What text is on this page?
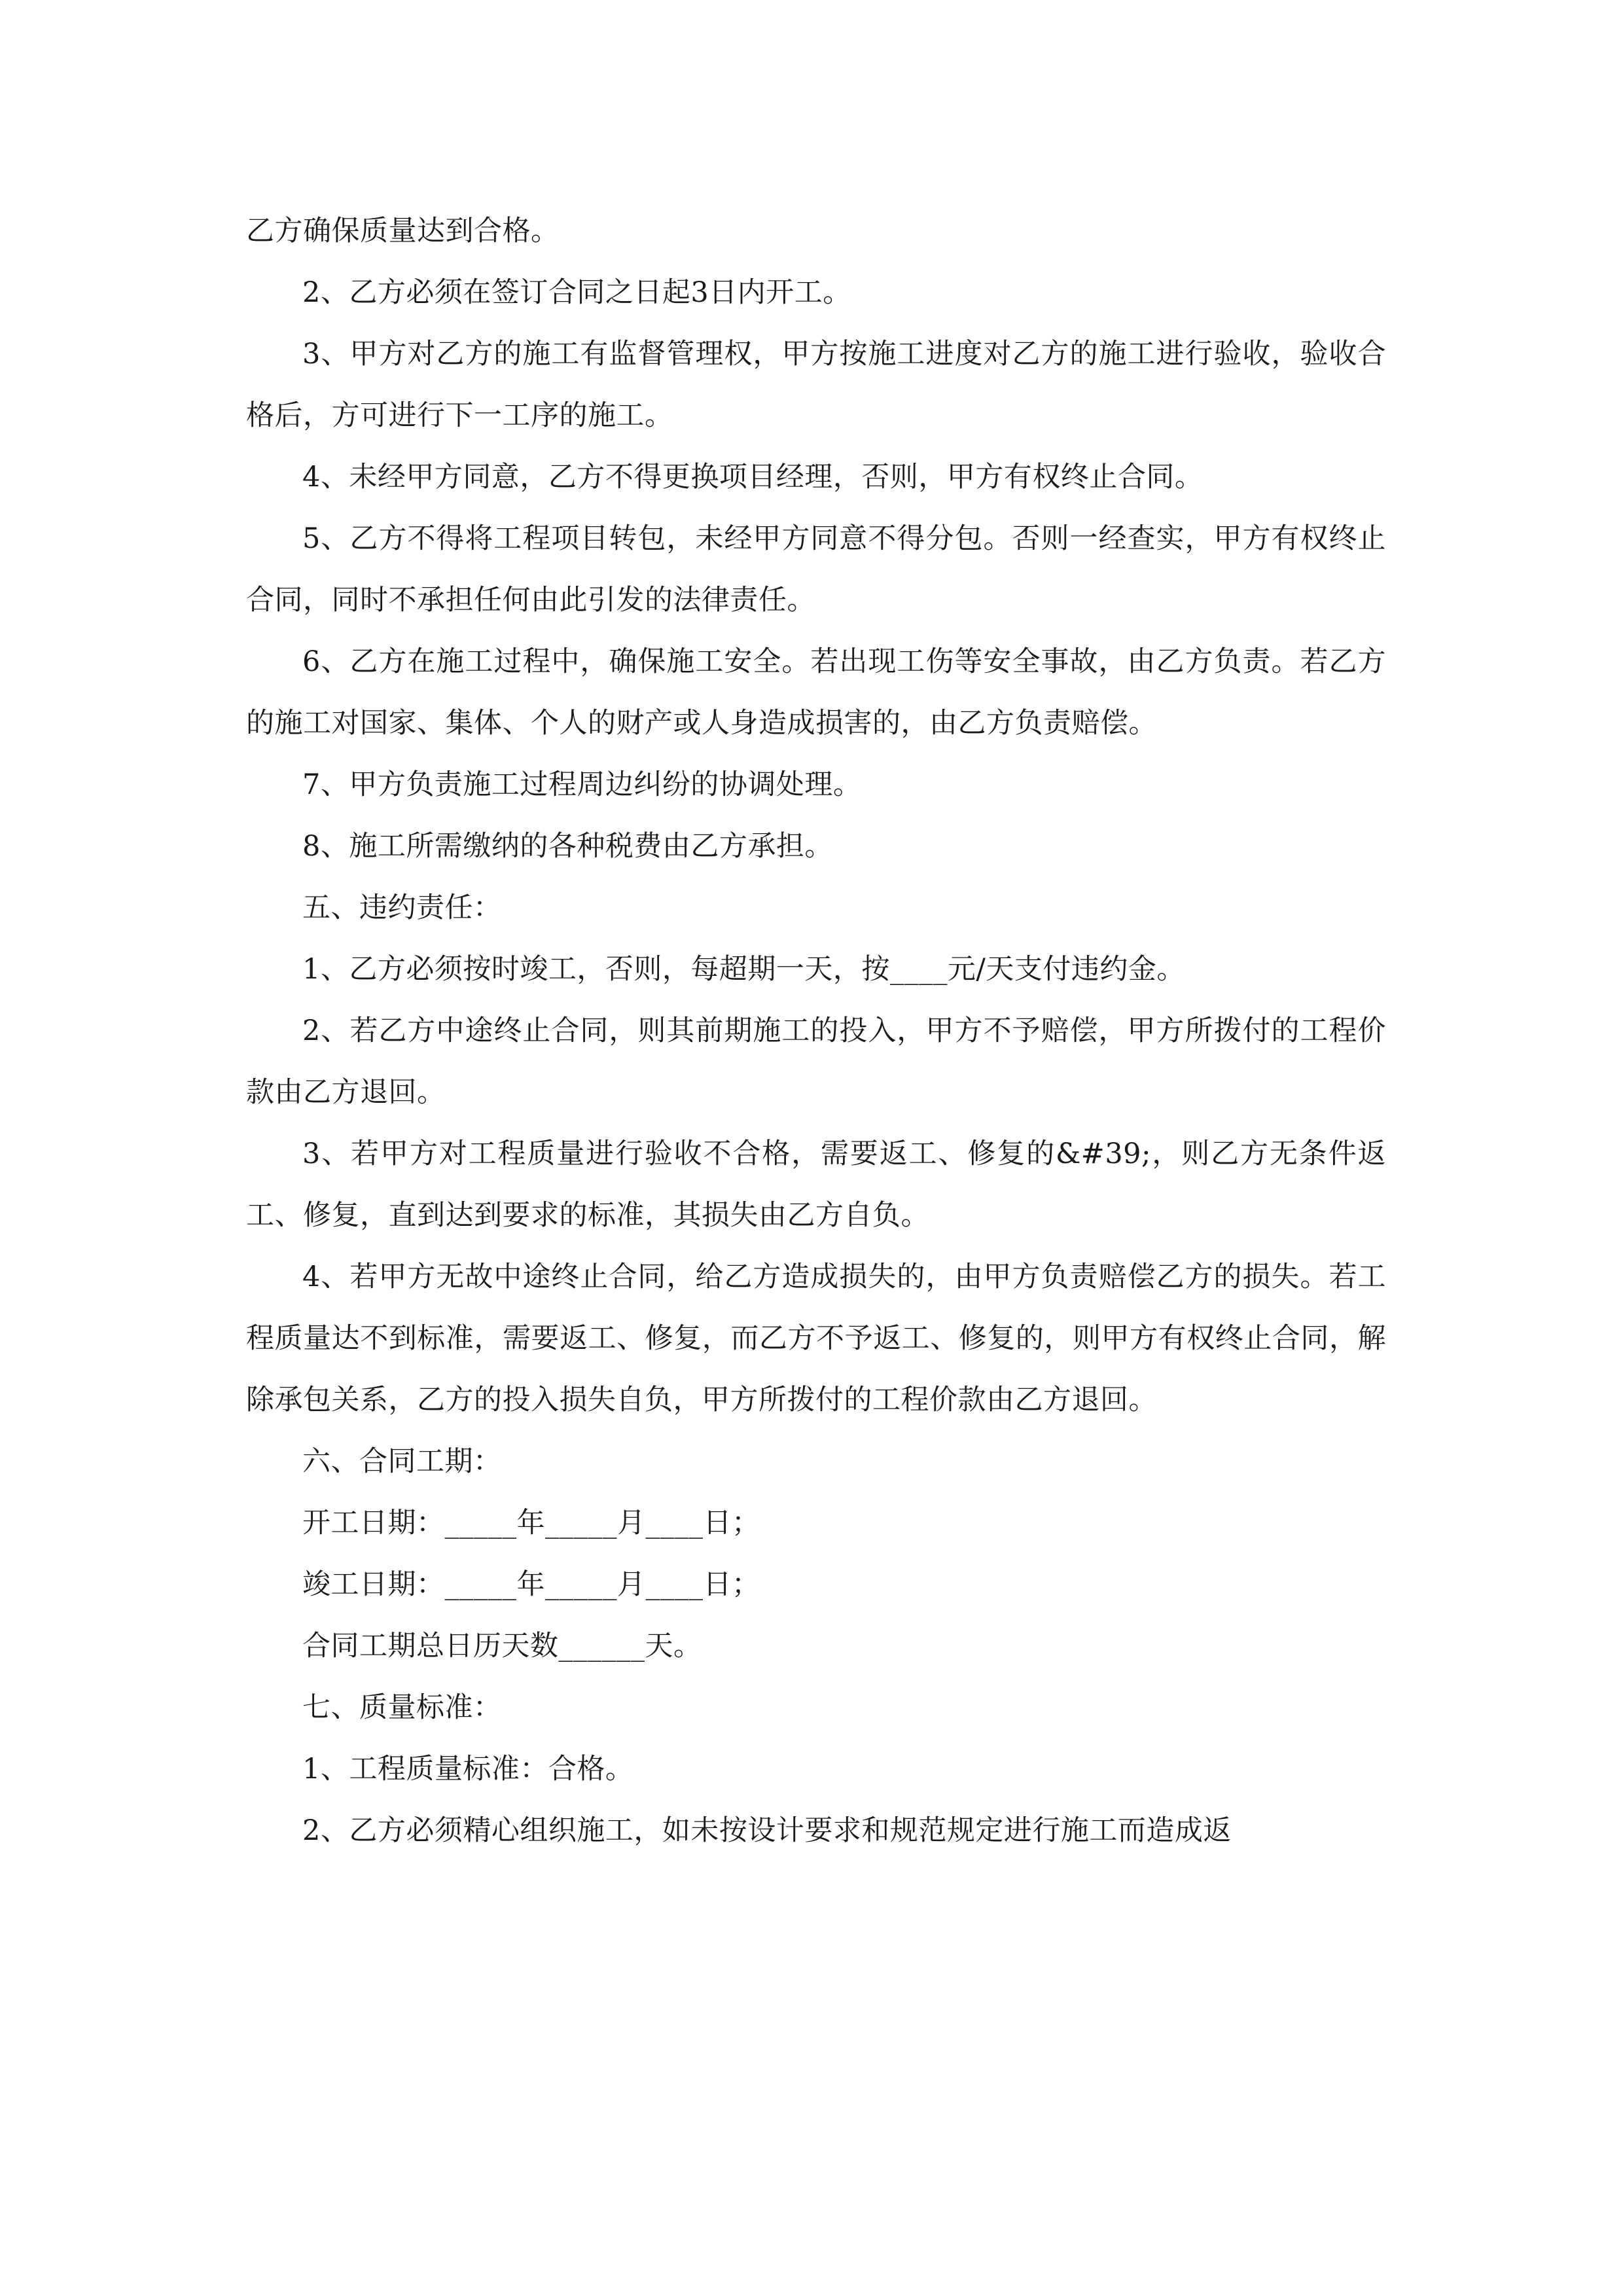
乙方确保质量达到合格。

2、乙方必须在签订合同之日起3日内开工。

3、甲方对乙方的施工有监督管理权，甲方按施工进度对乙方的施工进行验收，验收合格后，方可进行下一工序的施工。

4、未经甲方同意，乙方不得更换项目经理，否则，甲方有权终止合同。

5、乙方不得将工程项目转包，未经甲方同意不得分包。否则一经查实，甲方有权终止合同，同时不承担任何由此引发的法律责任。

6、乙方在施工过程中，确保施工安全。若出现工伤等安全事故，由乙方负责。若乙方的施工对国家、集体、个人的财产或人身造成损害的，由乙方负责赔偿。

7、甲方负责施工过程周边纠纷的协调处理。

8、施工所需缴纳的各种税费由乙方承担。

五、违约责任：

1、乙方必须按时竣工，否则，每超期一天，按____元/天支付违约金。

2、若乙方中途终止合同，则其前期施工的投入，甲方不予赔偿，甲方所拨付的工程价款由乙方退回。

3、若甲方对工程质量进行验收不合格，需要返工、修复的&#39;，则乙方无条件返工、修复，直到达到要求的标准，其损失由乙方自负。

4、若甲方无故中途终止合同，给乙方造成损失的，由甲方负责赔偿乙方的损失。若工程质量达不到标准，需要返工、修复，而乙方不予返工、修复的，则甲方有权终止合同，解除承包关系，乙方的投入损失自负，甲方所拨付的工程价款由乙方退回。

六、合同工期：

开工日期：_____年_____月____日；

竣工日期：_____年_____月____日；

合同工期总日历天数______天。

七、质量标准：

1、工程质量标准：合格。

2、乙方必须精心组织施工，如未按设计要求和规范规定进行施工而造成返
